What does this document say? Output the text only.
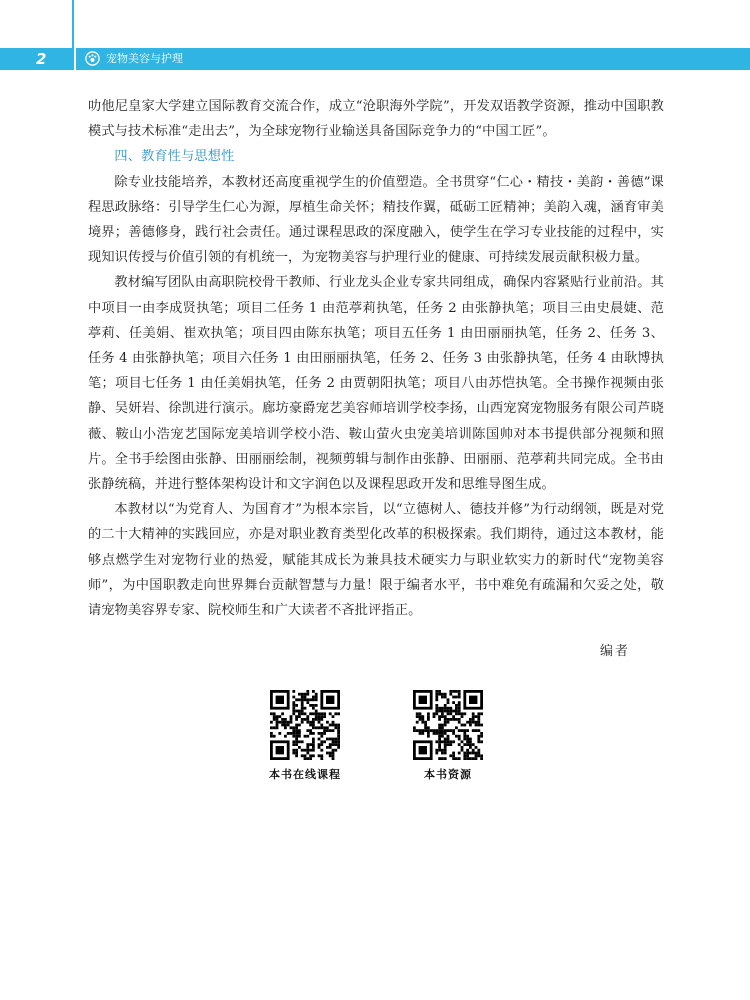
2	宠物美容与护理

叻他尼皇家大学建立国际教育交流合作，成立“沧职海外学院”，开发双语教学资源，推动中国职教模式与技术标准“走出去”，为全球宠物行业输送具备国际竞争力的“中国工匠”。

四、教育性与思想性

除专业技能培养，本教材还高度重视学生的价值塑造。全书贯穿“仁心・精技・美韵・善德”课程思政脉络：引导学生仁心为源，厚植生命关怀；精技作翼，砥砺工匠精神；美韵入魂，涵育审美境界；善德修身，践行社会责任。通过课程思政的深度融入，使学生在学习专业技能的过程中，实现知识传授与价值引领的有机统一，为宠物美容与护理行业的健康、可持续发展贡献积极力量。

教材编写团队由高职院校骨干教师、行业龙头企业专家共同组成，确保内容紧贴行业前沿。其中项目一由李成贤执笔；项目二任务 1 由范葶莉执笔，任务 2 由张静执笔；项目三由史晨婕、范葶莉、任美娟、崔欢执笔；项目四由陈东执笔；项目五任务 1 由田丽丽执笔，任务 2、任务 3、任务 4 由张静执笔；项目六任务 1 由田丽丽执笔，任务 2、任务 3 由张静执笔，任务 4 由耿博执笔；项目七任务 1 由任美娟执笔，任务 2 由贾朝阳执笔；项目八由苏恺执笔。全书操作视频由张静、吴妍岩、徐凯进行演示。廊坊豪爵宠艺美容师培训学校李扬，山西宠窝宠物服务有限公司芦晓薇、鞍山小浩宠艺国际宠美培训学校小浩、鞍山萤火虫宠美培训陈国帅对本书提供部分视频和照片。全书手绘图由张静、田丽丽绘制，视频剪辑与制作由张静、田丽丽、范葶莉共同完成。全书由张静统稿，并进行整体架构设计和文字润色以及课程思政开发和思维导图生成。

本教材以“为党育人、为国育才”为根本宗旨，以“立德树人、德技并修”为行动纲领，既是对党的二十大精神的实践回应，亦是对职业教育类型化改革的积极探索。我们期待，通过这本教材，能够点燃学生对宠物行业的热爱，赋能其成长为兼具技术硬实力与职业软实力的新时代“宠物美容师”，为中国职教走向世界舞台贡献智慧与力量！限于编者水平，书中难免有疏漏和欠妥之处，敬请宠物美容界专家、院校师生和广大读者不吝批评指正。

编者
本书在线课程	本书资源
